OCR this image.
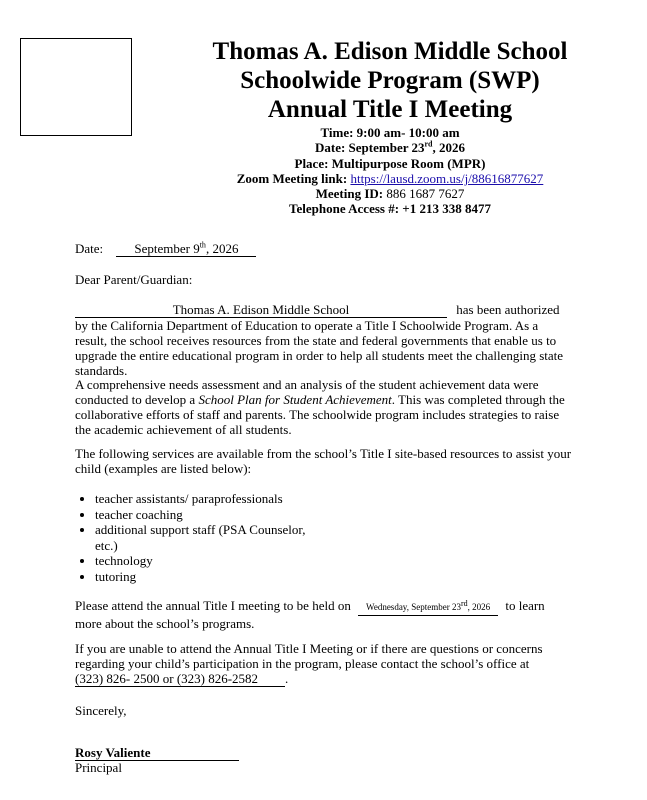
Thomas A. Edison Middle School
Schoolwide Program (SWP)
Annual Title I Meeting
Time: 9:00 am- 10:00 am
Date: September 23rd, 2026
Place: Multipurpose Room (MPR)
Zoom Meeting link: https://lausd.zoom.us/j/88616877627
Meeting ID: 886 1687 7627
Telephone Access #: +1 213 338 8477
Date: September 9th, 2026
Dear Parent/Guardian:
Thomas A. Edison Middle School	has been authorized by the California Department of Education to operate a Title I Schoolwide Program. As a result, the school receives resources from the state and federal governments that enable us to upgrade the entire educational program in order to help all students meet the challenging state standards.
A comprehensive needs assessment and an analysis of the student achievement data were conducted to develop a School Plan for Student Achievement. This was completed through the collaborative efforts of staff and parents. The schoolwide program includes strategies to raise the academic achievement of all students.
The following services are available from the school’s Title I site-based resources to assist your child (examples are listed below):
• teacher assistants/ paraprofessionals
• teacher coaching
• additional support staff (PSA Counselor, etc.)
• technology
• tutoring
Please attend the annual Title I meeting to be held on Wednesday, September 23rd, 2026 to learn more about the school’s programs.
If you are unable to attend the Annual Title I Meeting or if there are questions or concerns regarding your child’s participation in the program, please contact the school’s office at
(323) 826- 2500 or (323) 826-2582 .
Sincerely,
Rosy Valiente
Principal
